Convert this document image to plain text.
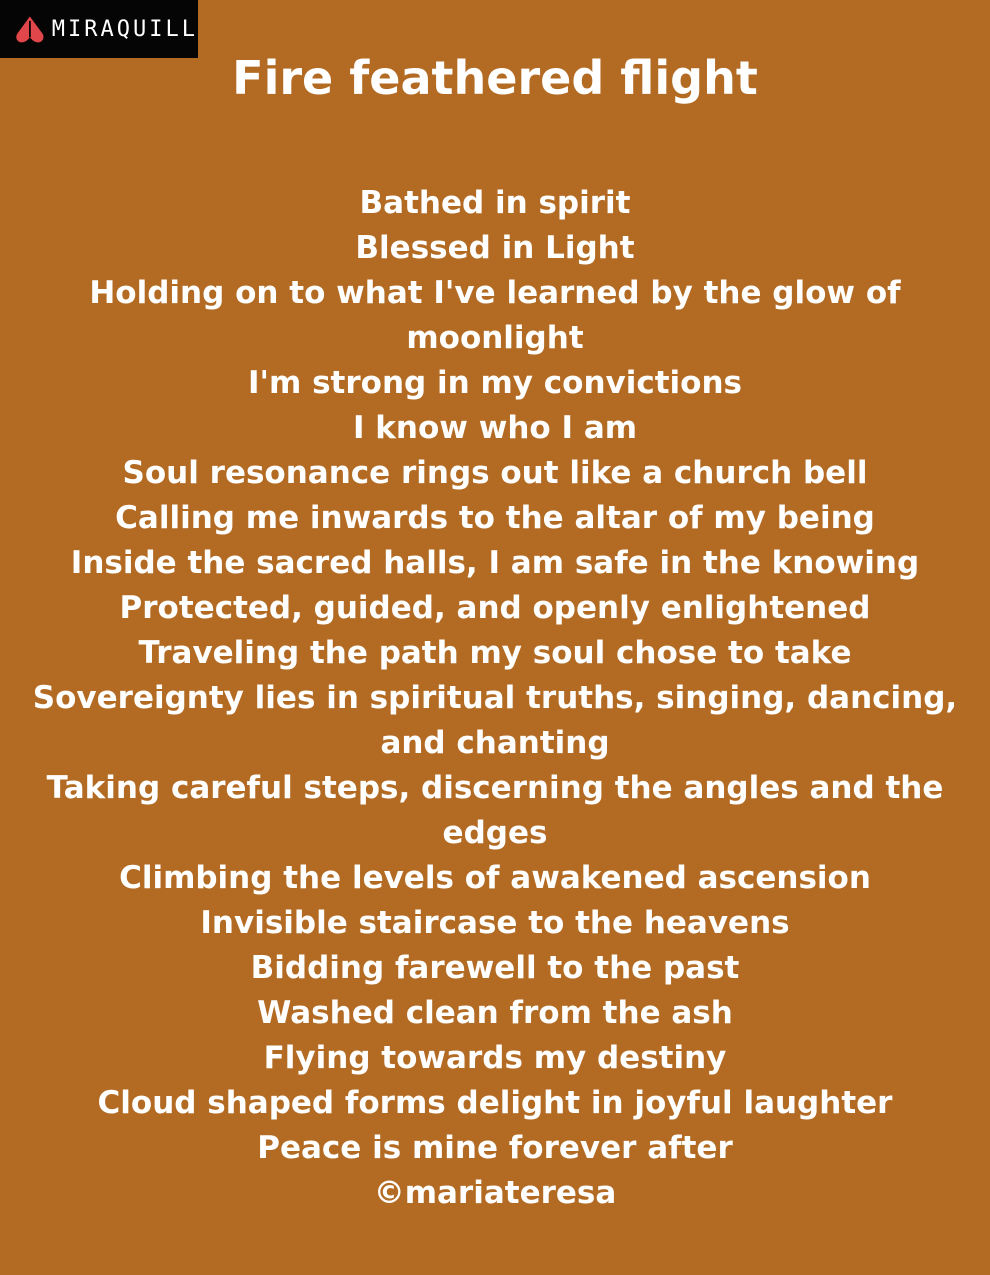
MIRAQUILL
Fire feathered flight
Bathed in spirit
Blessed in Light
Holding on to what I've learned by the glow of
moonlight
I'm strong in my convictions
I know who I am
Soul resonance rings out like a church bell
Calling me inwards to the altar of my being
Inside the sacred halls, I am safe in the knowing
Protected, guided, and openly enlightened
Traveling the path my soul chose to take
Sovereignty lies in spiritual truths, singing, dancing,
and chanting
Taking careful steps, discerning the angles and the
edges
Climbing the levels of awakened ascension
Invisible staircase to the heavens
Bidding farewell to the past
Washed clean from the ash
Flying towards my destiny
Cloud shaped forms delight in joyful laughter
Peace is mine forever after
©mariateresa
